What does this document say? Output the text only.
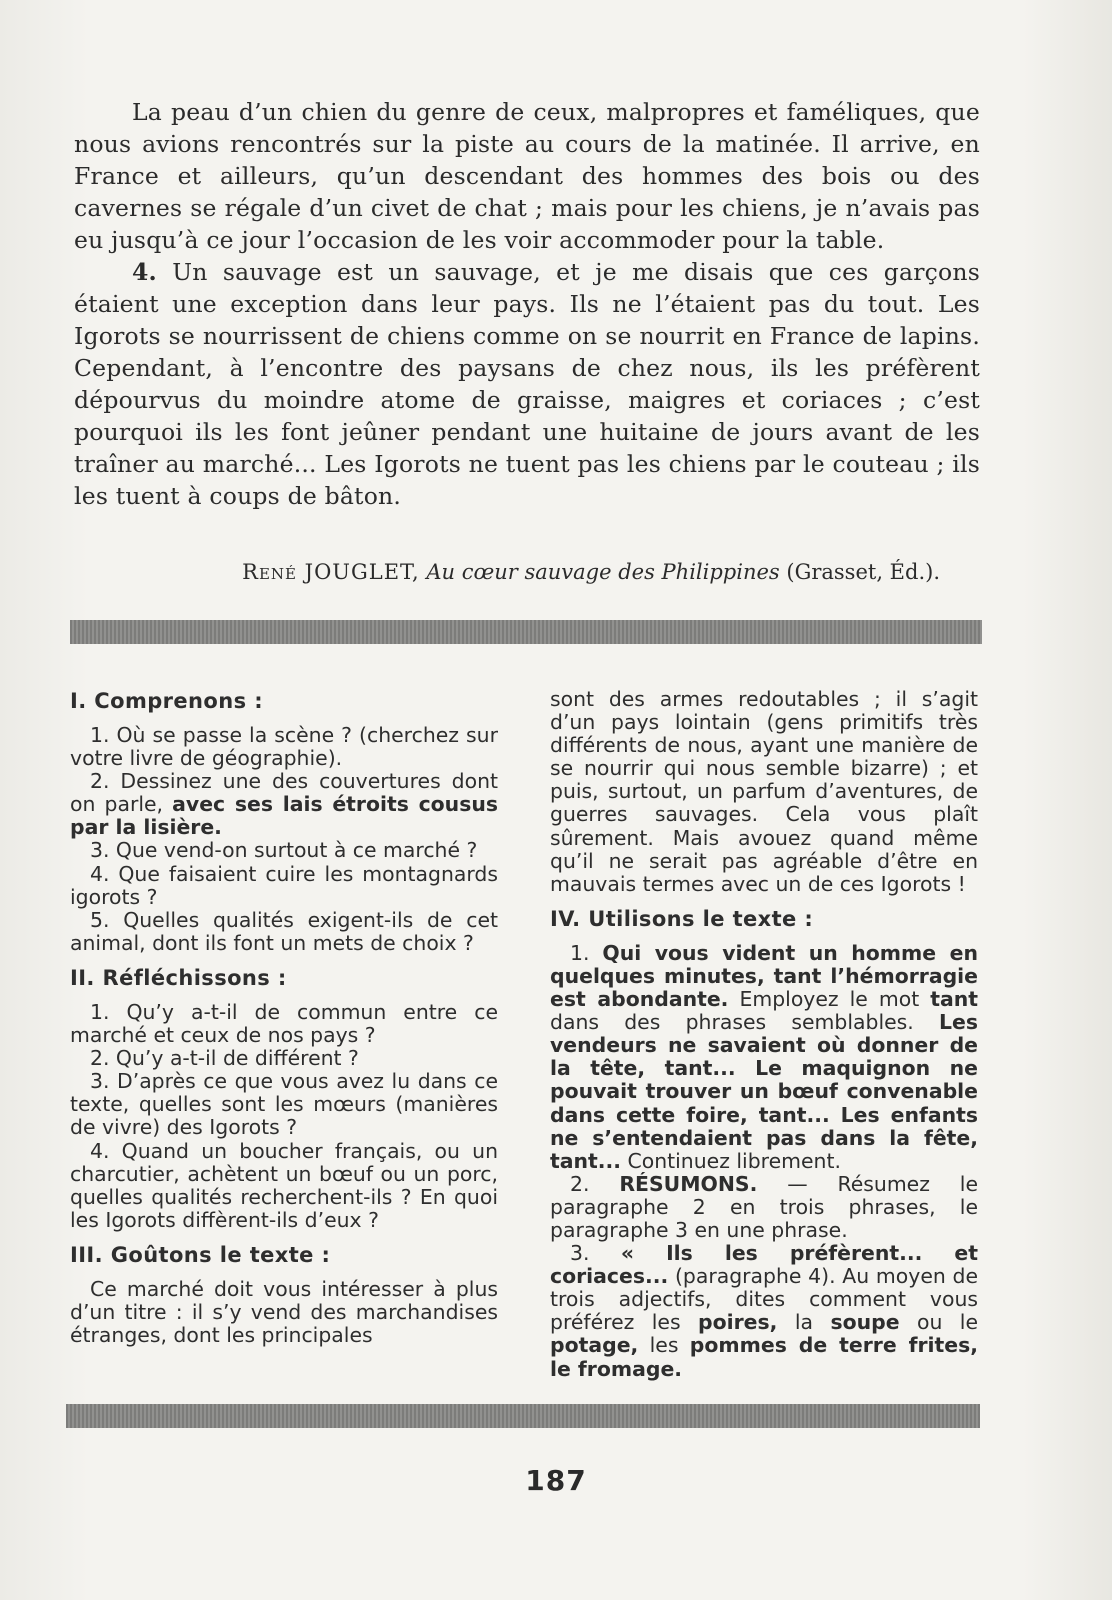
La peau d’un chien du genre de ceux, malpropres et faméliques, que nous avions rencontrés sur la piste au cours de la matinée. Il arrive, en France et ailleurs, qu’un descendant des hommes des bois ou des cavernes se régale d’un civet de chat ; mais pour les chiens, je n’avais pas eu jusqu’à ce jour l’occasion de les voir accommoder pour la table.

4. Un sauvage est un sauvage, et je me disais que ces garçons étaient une exception dans leur pays. Ils ne l’étaient pas du tout. Les Igorots se nourrissent de chiens comme on se nourrit en France de lapins. Cependant, à l’encontre des paysans de chez nous, ils les préfèrent dépourvus du moindre atome de graisse, maigres et coriaces ; c’est pourquoi ils les font jeûner pendant une huitaine de jours avant de les traîner au marché... Les Igorots ne tuent pas les chiens par le couteau ; ils les tuent à coups de bâton.

René JOUGLET, Au cœur sauvage des Philippines (Grasset, Éd.).
I. Comprenons :

1. Où se passe la scène ? (cherchez sur votre livre de géographie).

2. Dessinez une des couvertures dont on parle, avec ses lais étroits cousus par la lisière.

3. Que vend-on surtout à ce marché ?

4. Que faisaient cuire les montagnards igorots ?

5. Quelles qualités exigent-ils de cet animal, dont ils font un mets de choix ?

II. Réfléchissons :

1. Qu’y a-t-il de commun entre ce marché et ceux de nos pays ?

2. Qu’y a-t-il de différent ?

3. D’après ce que vous avez lu dans ce texte, quelles sont les mœurs (manières de vivre) des Igorots ?

4. Quand un boucher français, ou un charcutier, achètent un bœuf ou un porc, quelles qualités recherchent-ils ? En quoi les Igorots diffèrent-ils d’eux ?

III. Goûtons le texte :

Ce marché doit vous intéresser à plus d’un titre : il s’y vend des marchandises étranges, dont les principales

sont des armes redoutables ; il s’agit d’un pays lointain (gens primitifs très différents de nous, ayant une manière de se nourrir qui nous semble bizarre) ; et puis, surtout, un parfum d’aventures, de guerres sauvages. Cela vous plaît sûrement. Mais avouez quand même qu’il ne serait pas agréable d’être en mauvais termes avec un de ces Igorots !

IV. Utilisons le texte :

1. Qui vous vident un homme en quelques minutes, tant l’hémorragie est abondante. Employez le mot tant dans des phrases semblables. Les vendeurs ne savaient où donner de la tête, tant... Le maquignon ne pouvait trouver un bœuf convenable dans cette foire, tant... Les enfants ne s’entendaient pas dans la fête, tant... Continuez librement.

2. RÉSUMONS. — Résumez le paragraphe 2 en trois phrases, le paragraphe 3 en une phrase.

3. « Ils les préfèrent... et coriaces... (paragraphe 4). Au moyen de trois adjectifs, dites comment vous préférez les poires, la soupe ou le potage, les pommes de terre frites, le fromage.

187
